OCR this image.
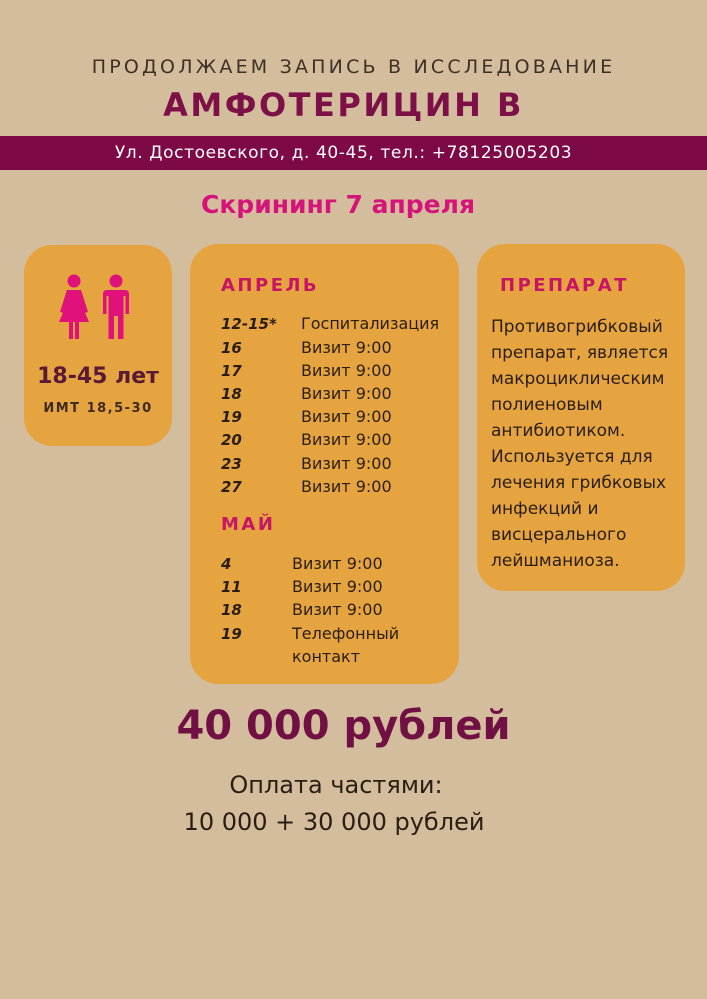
ПРОДОЛЖАЕМ ЗАПИСЬ В ИССЛЕДОВАНИЕ
АМФОТЕРИЦИН В
Ул. Достоевского, д. 40-45, тел.: +78125005203
Скрининг 7 апреля
18-45 лет
ИМТ 18,5-30
АПРЕЛЬ
12-15* Госпитализация
16	Визит 9:00
17	Визит 9:00
18	Визит 9:00
19	Визит 9:00
20	Визит 9:00
23	Визит 9:00
27	Визит 9:00
МАЙ
4	Визит 9:00
11	Визит 9:00
18	Визит 9:00
19	Телефонный
контакт
ПРЕПАРАТ
Противогрибковый
препарат, является
макроциклическим
полиеновым
антибиотиком.
Используется для
лечения грибковых
инфекций и
висцерального
лейшманиоза.
40 000 рублей
Оплата частями:
10 000 + 30 000 рублей
